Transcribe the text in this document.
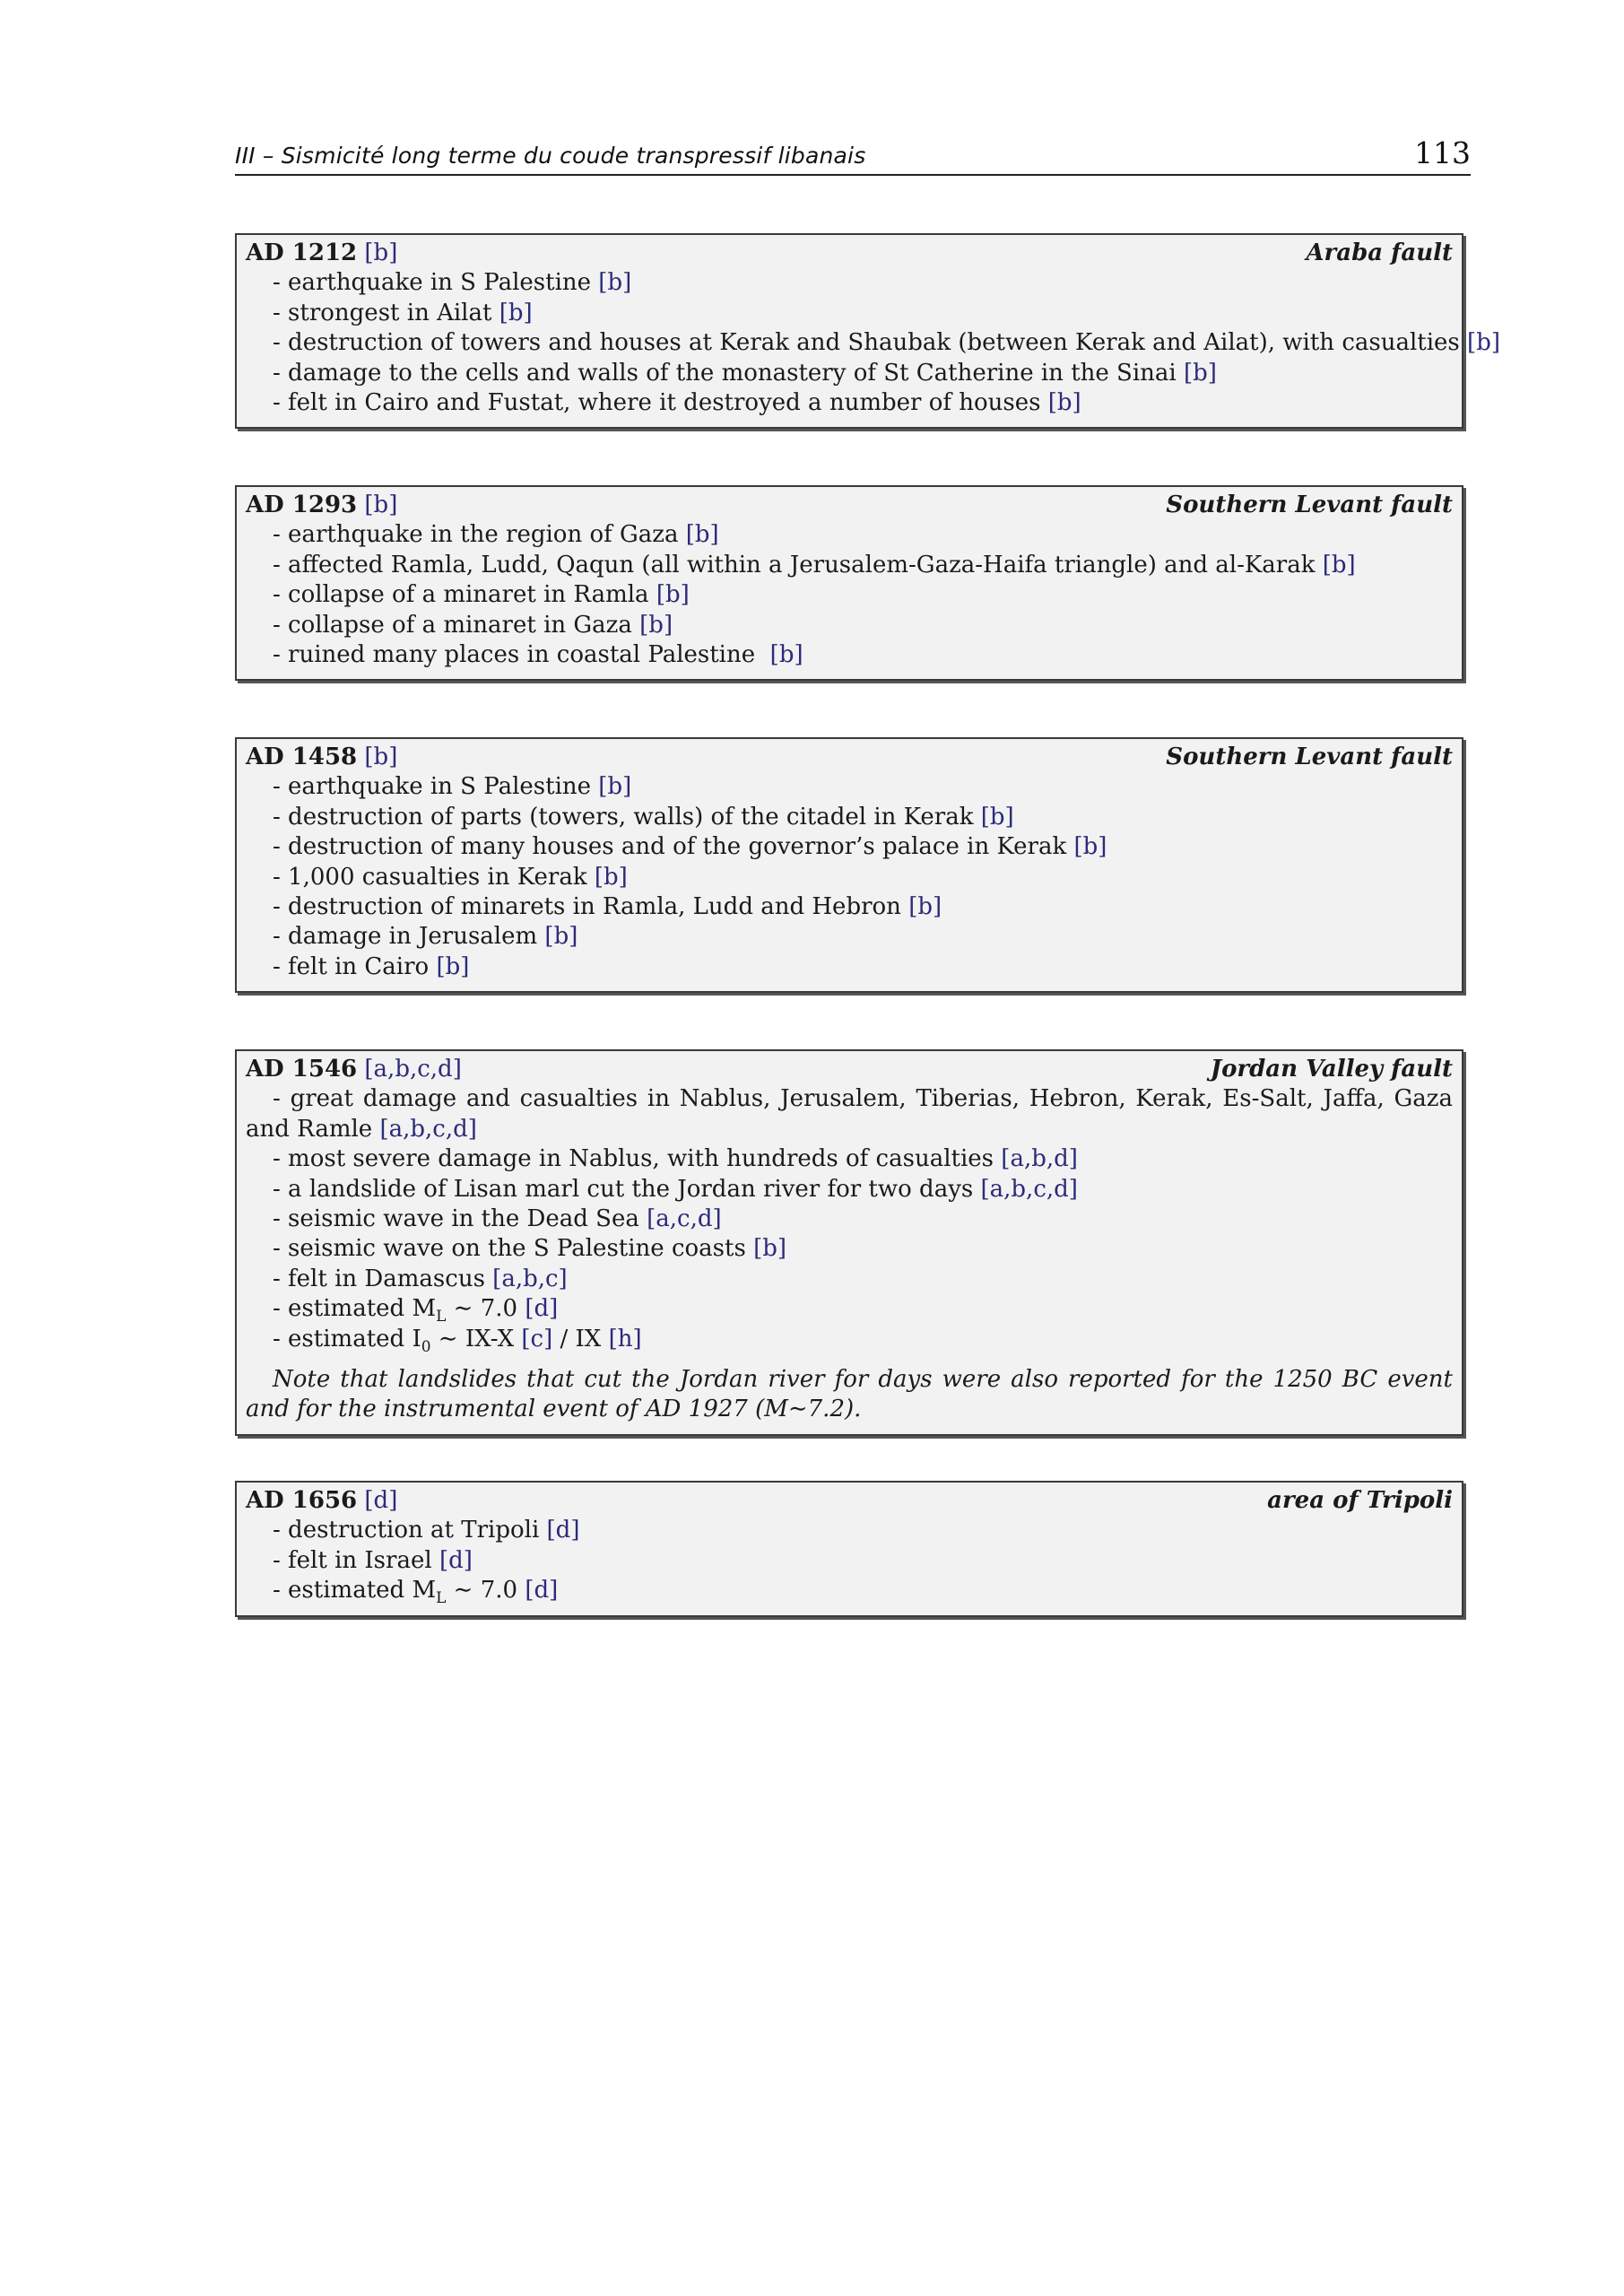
III – Sismicité long terme du coude transpressif libanais	113
AD 1212 [b]	Araba fault
- earthquake in S Palestine [b]
- strongest in Ailat [b]
- destruction of towers and houses at Kerak and Shaubak (between Kerak and Ailat), with casualties [b]
- damage to the cells and walls of the monastery of St Catherine in the Sinai [b]
- felt in Cairo and Fustat, where it destroyed a number of houses [b]
AD 1293 [b]	Southern Levant fault
- earthquake in the region of Gaza [b]
- affected Ramla, Ludd, Qaqun (all within a Jerusalem-Gaza-Haifa triangle) and al-Karak [b]
- collapse of a minaret in Ramla [b]
- collapse of a minaret in Gaza [b]
- ruined many places in coastal Palestine  [b]
AD 1458 [b]	Southern Levant fault
- earthquake in S Palestine [b]
- destruction of parts (towers, walls) of the citadel in Kerak [b]
- destruction of many houses and of the governor’s palace in Kerak [b]
- 1,000 casualties in Kerak [b]
- destruction of minarets in Ramla, Ludd and Hebron [b]
- damage in Jerusalem [b]
- felt in Cairo [b]
AD 1546 [a,b,c,d]	Jordan Valley fault
- great damage and casualties in Nablus, Jerusalem, Tiberias, Hebron, Kerak, Es-Salt, Jaffa, Gaza and Ramle [a,b,c,d]
- most severe damage in Nablus, with hundreds of casualties [a,b,d]
- a landslide of Lisan marl cut the Jordan river for two days [a,b,c,d]
- seismic wave in the Dead Sea [a,c,d]
- seismic wave on the S Palestine coasts [b]
- felt in Damascus [a,b,c]
- estimated $M_L$ ∼ 7.0 [d]
- estimated $I_0$ ∼ IX-X [c] / IX [h]
Note that landslides that cut the Jordan river for days were also reported for the 1250 BC event and for the instrumental event of AD 1927 (M∼7.2).
AD 1656 [d]	area of Tripoli
- destruction at Tripoli [d]
- felt in Israel [d]
- estimated $M_L$ ∼ 7.0 [d]
